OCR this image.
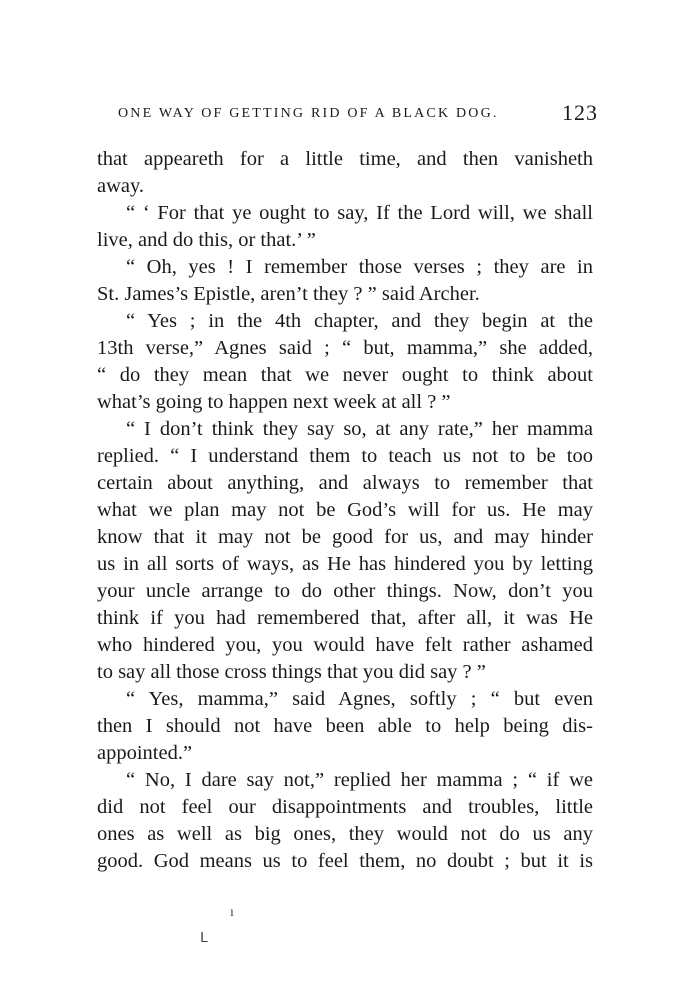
ONE WAY OF GETTING RID OF A BLACK DOG.	123
that appeareth for a little time, and then vanisheth
away.
“ ‘ For that ye ought to say, If the Lord will, we shall
live, and do this, or that.’ ”
“ Oh, yes ! I remember those verses ; they are in
St. James’s Epistle, aren’t they ? ” said Archer.
“ Yes ; in the 4th chapter, and they begin at the
13th verse,” Agnes said ; “ but, mamma,” she added,
“ do they mean that we never ought to think about
what’s going to happen next week at all ? ”
“ I don’t think they say so, at any rate,” her mamma
replied. “ I understand them to teach us not to be too
certain about anything, and always to remember that
what we plan may not be God’s will for us. He may
know that it may not be good for us, and may hinder
us in all sorts of ways, as He has hindered you by letting
your uncle arrange to do other things. Now, don’t you
think if you had remembered that, after all, it was He
who hindered you, you would have felt rather ashamed
to say all those cross things that you did say ? ”
“ Yes, mamma,” said Agnes, softly ; “ but even
then I should not have been able to help being dis-
appointed.”
“ No, I dare say not,” replied her mamma ; “ if we
did not feel our disappointments and troubles, little
ones as well as big ones, they would not do us any
good. God means us to feel them, no doubt ; but it is
ı
ᒪ
